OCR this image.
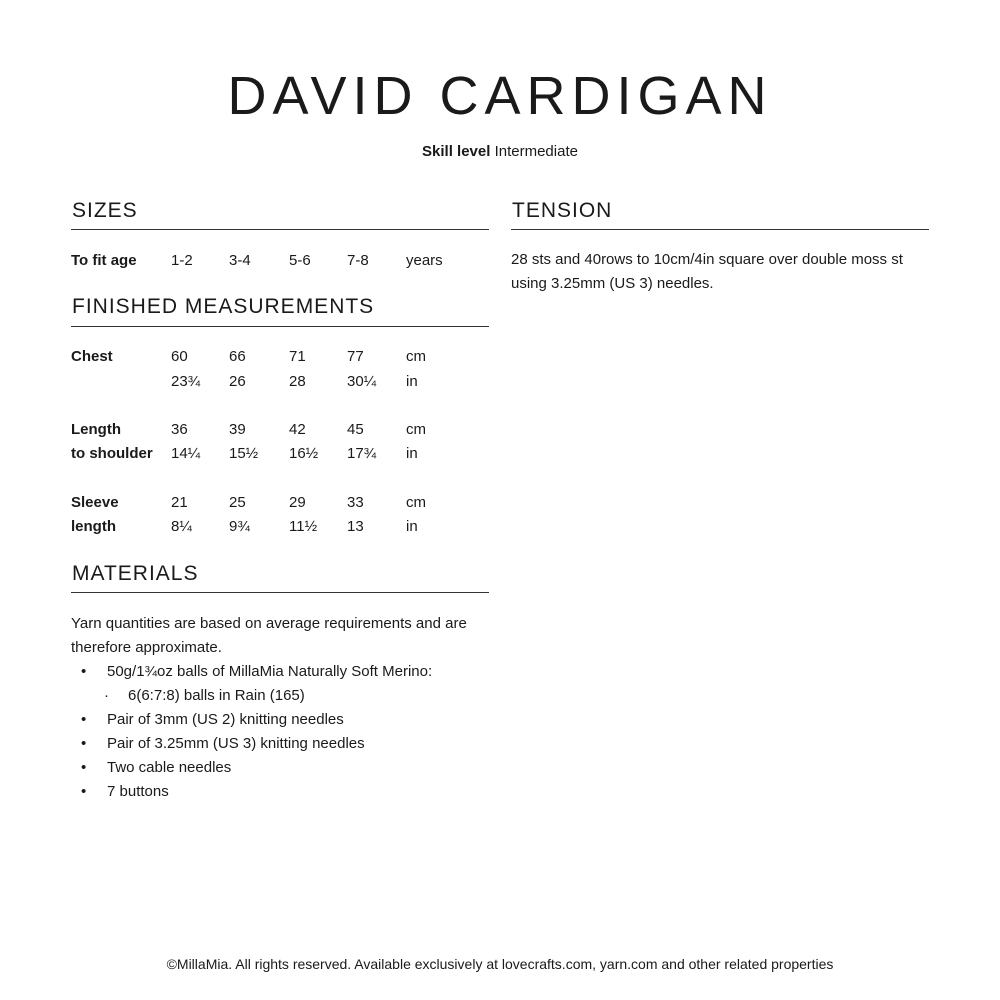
DAVID CARDIGAN
Skill level Intermediate
SIZES
To fit age 1-2 3-4	5-6 7-8 years
FINISHED MEASUREMENTS
Chest	60	66	71	77	cm
23¾ 26	28	30¼ in
Length	36	39	42	45	cm
to shoulder 14¼ 15½ 16½ 17¾ in
Sleeve	21	25	29	33	cm
length	8¼ 9¾	11½ 13	in
MATERIALS

Yarn quantities are based on average requirements and are therefore approximate.

• 50g/1¾oz balls of MillaMia Naturally Soft Merino:
· 6(6:7:8) balls in Rain (165)
• Pair of 3mm (US 2) knitting needles
• Pair of 3.25mm (US 3) knitting needles
• Two cable needles
• 7 buttons
TENSION

28 sts and 40rows to 10cm/4in square over double moss st using 3.25mm (US 3) needles.

©MillaMia. All rights reserved. Available exclusively at lovecrafts.com, yarn.com and other related properties
